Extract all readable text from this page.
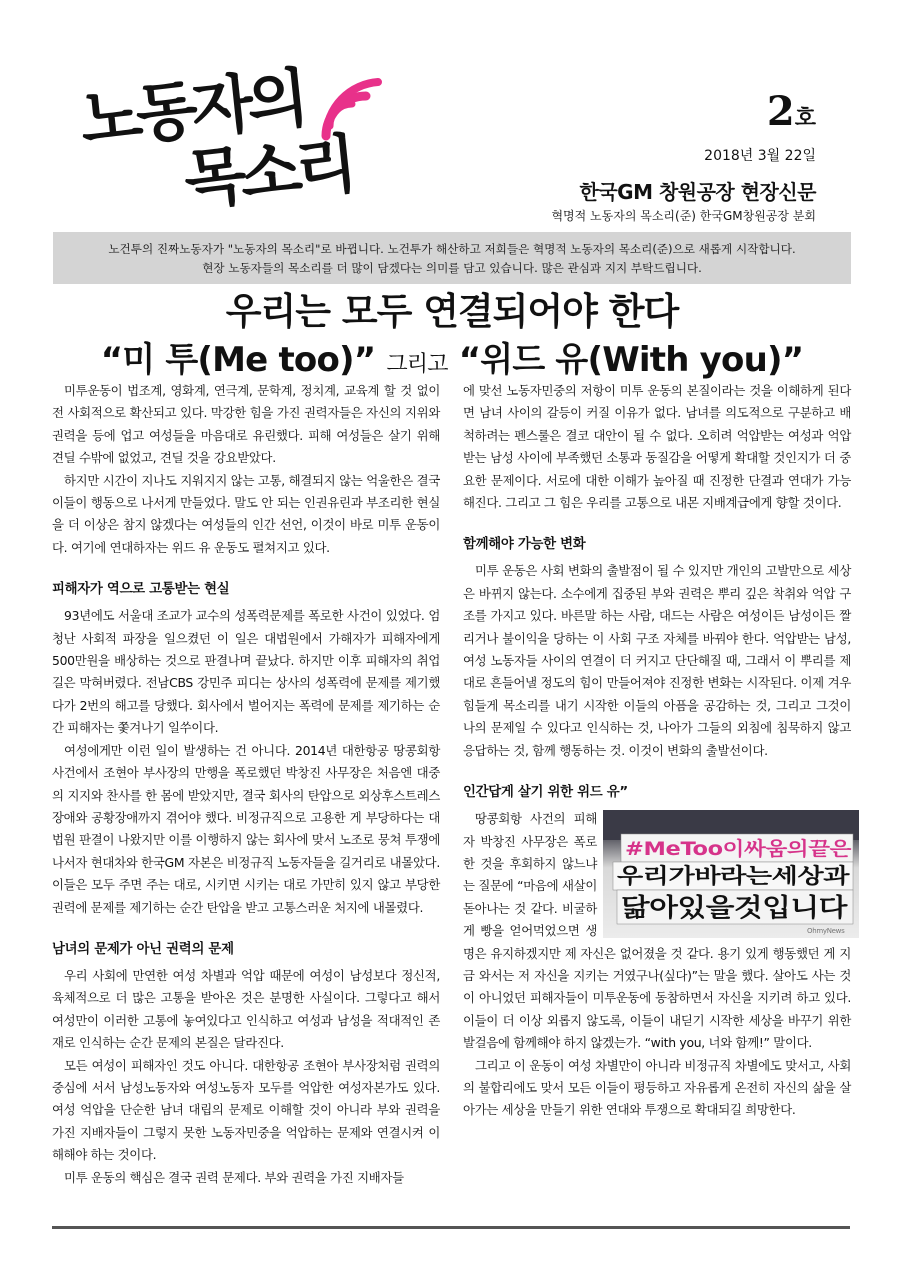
노동자의
목소리
2호
2018년 3월 22일
한국GM 창원공장 현장신문
혁명적 노동자의 목소리(준) 한국GM창원공장 분회
노건투의 진짜노동자가 "노동자의 목소리"로 바뀝니다. 노건투가 해산하고 저희들은 혁명적 노동자의 목소리(준)으로 새롭게 시작합니다.
현장 노동자들의 목소리를 더 많이 담겠다는 의미를 담고 있습니다. 많은 관심과 지지 부탁드립니다.
우리는 모두 연결되어야 한다
“미 투(Me too)” 그리고 “위드 유(With you)”

미투운동이 법조계, 영화계, 연극계, 문학계, 정치계, 교육계 할 것 없이 전 사회적으로 확산되고 있다. 막강한 힘을 가진 권력자들은 자신의 지위와 권력을 등에 업고 여성들을 마음대로 유린했다. 피해 여성들은 살기 위해 견딜 수밖에 없었고, 견딜 것을 강요받았다.

하지만 시간이 지나도 지워지지 않는 고통, 해결되지 않는 억울한은 결국 이들이 행동으로 나서게 만들었다. 말도 안 되는 인권유린과 부조리한 현실을 더 이상은 참지 않겠다는 여성들의 인간 선언, 이것이 바로 미투 운동이다. 여기에 연대하자는 위드 유 운동도 펼쳐지고 있다.

피해자가 역으로 고통받는 현실

93년에도 서울대 조교가 교수의 성폭력문제를 폭로한 사건이 있었다. 엄청난 사회적 파장을 일으켰던 이 일은 대법원에서 가해자가 피해자에게 500만원을 배상하는 것으로 판결나며 끝났다. 하지만 이후 피해자의 취업길은 막혀버렸다. 전남CBS 강민주 피디는 상사의 성폭력에 문제를 제기했다가 2번의 해고를 당했다. 회사에서 벌어지는 폭력에 문제를 제기하는 순간 피해자는 쫓겨나기 일쑤이다.

여성에게만 이런 일이 발생하는 건 아니다. 2014년 대한항공 땅콩회항 사건에서 조현아 부사장의 만행을 폭로했던 박창진 사무장은 처음엔 대중의 지지와 찬사를 한 몸에 받았지만, 결국 회사의 탄압으로 외상후스트레스 장애와 공황장애까지 겪어야 했다. 비정규직으로 고용한 게 부당하다는 대법원 판결이 나왔지만 이를 이행하지 않는 회사에 맞서 노조로 뭉쳐 투쟁에 나서자 현대차와 한국GM 자본은 비정규직 노동자들을 길거리로 내몰았다. 이들은 모두 주면 주는 대로, 시키면 시키는 대로 가만히 있지 않고 부당한 권력에 문제를 제기하는 순간 탄압을 받고 고통스러운 처지에 내몰렸다.

남녀의 문제가 아닌 권력의 문제

우리 사회에 만연한 여성 차별과 억압 때문에 여성이 남성보다 정신적, 육체적으로 더 많은 고통을 받아온 것은 분명한 사실이다. 그렇다고 해서 여성만이 이러한 고통에 놓여있다고 인식하고 여성과 남성을 적대적인 존재로 인식하는 순간 문제의 본질은 달라진다.

모든 여성이 피해자인 것도 아니다. 대한항공 조현아 부사장처럼 권력의 중심에 서서 남성노동자와 여성노동자 모두를 억압한 여성자본가도 있다. 여성 억압을 단순한 남녀 대립의 문제로 이해할 것이 아니라 부와 권력을 가진 지배자들이 그렇지 못한 노동자민중을 억압하는 문제와 연결시켜 이해해야 하는 것이다.

미투 운동의 핵심은 결국 권력 문제다. 부와 권력을 가진 지배자들

에 맞선 노동자민중의 저항이 미투 운동의 본질이라는 것을 이해하게 된다면 남녀 사이의 갈등이 커질 이유가 없다. 남녀를 의도적으로 구분하고 배척하려는 펜스룰은 결코 대안이 될 수 없다. 오히려 억압받는 여성과 억압받는 남성 사이에 부족했던 소통과 동질감을 어떻게 확대할 것인지가 더 중요한 문제이다. 서로에 대한 이해가 높아질 때 진정한 단결과 연대가 가능해진다. 그리고 그 힘은 우리를 고통으로 내몬 지배계급에게 향할 것이다.

함께해야 가능한 변화

미투 운동은 사회 변화의 출발점이 될 수 있지만 개인의 고발만으로 세상은 바뀌지 않는다. 소수에게 집중된 부와 권력은 뿌리 깊은 착취와 억압 구조를 가지고 있다. 바른말 하는 사람, 대드는 사람은 여성이든 남성이든 짤리거나 불이익을 당하는 이 사회 구조 자체를 바꿔야 한다. 억압받는 남성, 여성 노동자들 사이의 연결이 더 커지고 단단해질 때, 그래서 이 뿌리를 제대로 흔들어낼 정도의 힘이 만들어져야 진정한 변화는 시작된다. 이제 겨우 힘들게 목소리를 내기 시작한 이들의 아픔을 공감하는 것, 그리고 그것이 나의 문제일 수 있다고 인식하는 것, 나아가 그들의 외침에 침묵하지 않고 응답하는 것, 함께 행동하는 것. 이것이 변화의 출발선이다.

인간답게 살기 위한 위드 유”
#MeToo이싸움의끝은
우리가바라는세상과
닮아있을것입니다
OhmyNews

땅콩회항 사건의 피해자 박창진 사무장은 폭로한 것을 후회하지 않느냐는 질문에 “마음에 새살이 돋아나는 것 같다. 비굴하게 빵을 얻어먹었으면 생명은 유지하겠지만 제 자신은 없어졌을 것 같다. 용기 있게 행동했던 게 지금 와서는 저 자신을 지키는 거였구나(싶다)”는 말을 했다. 살아도 사는 것이 아니었던 피해자들이 미투운동에 동참하면서 자신을 지키려 하고 있다. 이들이 더 이상 외롭지 않도록, 이들이 내딛기 시작한 세상을 바꾸기 위한 발걸음에 함께해야 하지 않겠는가. “with you, 너와 함께!” 말이다.

그리고 이 운동이 여성 차별만이 아니라 비정규직 차별에도 맞서고, 사회의 불합리에도 맞서 모든 이들이 평등하고 자유롭게 온전히 자신의 삶을 살아가는 세상을 만들기 위한 연대와 투쟁으로 확대되길 희망한다.
